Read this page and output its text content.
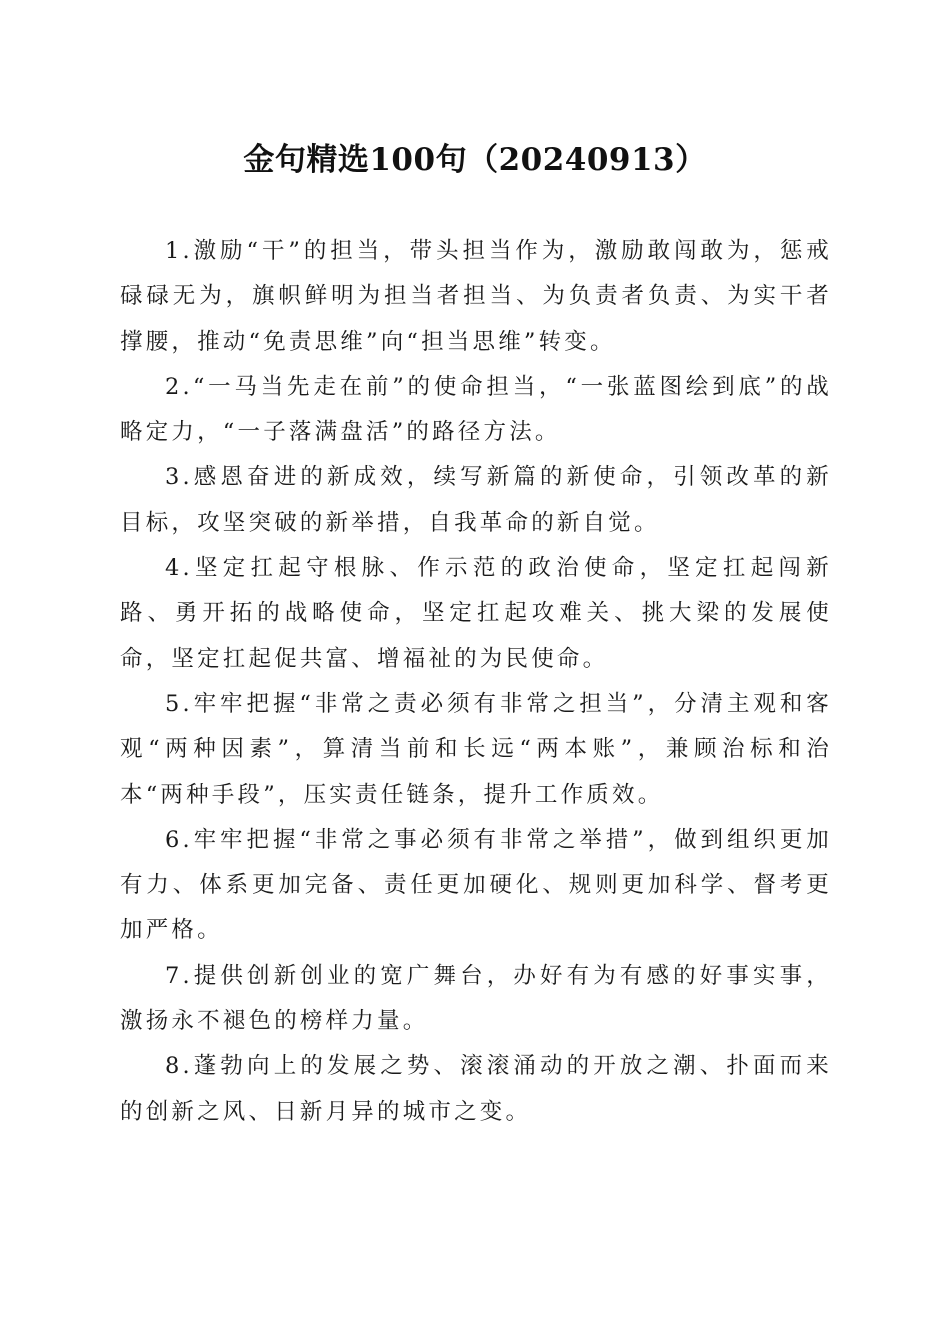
金句精选100句（20240913）

1.激励“干”的担当，带头担当作为，激励敢闯敢为，惩戒碌碌无为，旗帜鲜明为担当者担当、为负责者负责、为实干者撑腰，推动“免责思维”向“担当思维”转变。

2.“一马当先走在前”的使命担当，“一张蓝图绘到底”的战略定力，“一子落满盘活”的路径方法。

3.感恩奋进的新成效，续写新篇的新使命，引领改革的新目标，攻坚突破的新举措，自我革命的新自觉。

4.坚定扛起守根脉、作示范的政治使命，坚定扛起闯新路、勇开拓的战略使命，坚定扛起攻难关、挑大梁的发展使命，坚定扛起促共富、增福祉的为民使命。

5.牢牢把握“非常之责必须有非常之担当”，分清主观和客观“两种因素”，算清当前和长远“两本账”，兼顾治标和治本“两种手段”，压实责任链条，提升工作质效。

6.牢牢把握“非常之事必须有非常之举措”，做到组织更加有力、体系更加完备、责任更加硬化、规则更加科学、督考更加严格。

7.提供创新创业的宽广舞台，办好有为有感的好事实事，激扬永不褪色的榜样力量。

8.蓬勃向上的发展之势、滚滚涌动的开放之潮、扑面而来的创新之风、日新月异的城市之变。
